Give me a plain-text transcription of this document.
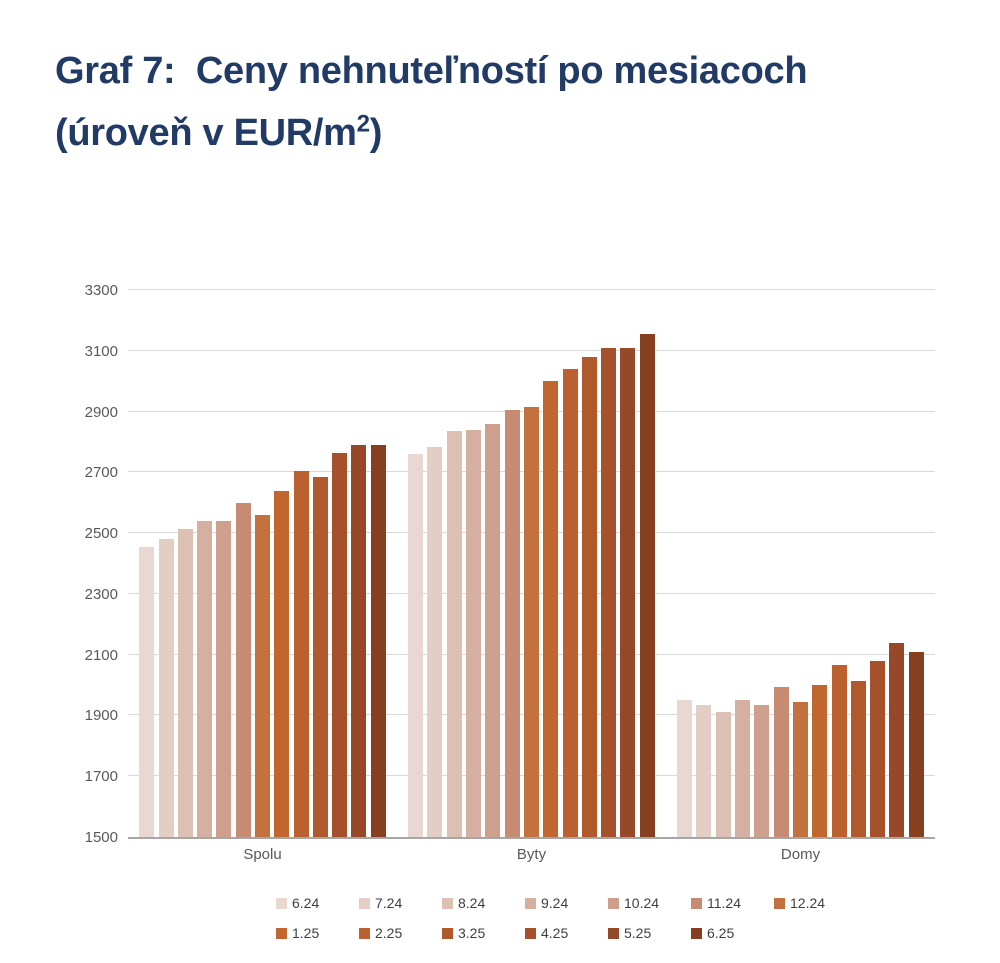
Graf 7:  Ceny nehnuteľností po mesiacoch
(úroveň v EUR/$m^2$)
1500
1700
1900
2100
2300
2500
2700
2900
3100
3300
Spolu	Byty	Domy
6.24	7.24	8.24	9.24	10.24	11.24	12.24
1.25	2.25	3.25	4.25	5.25	6.25
